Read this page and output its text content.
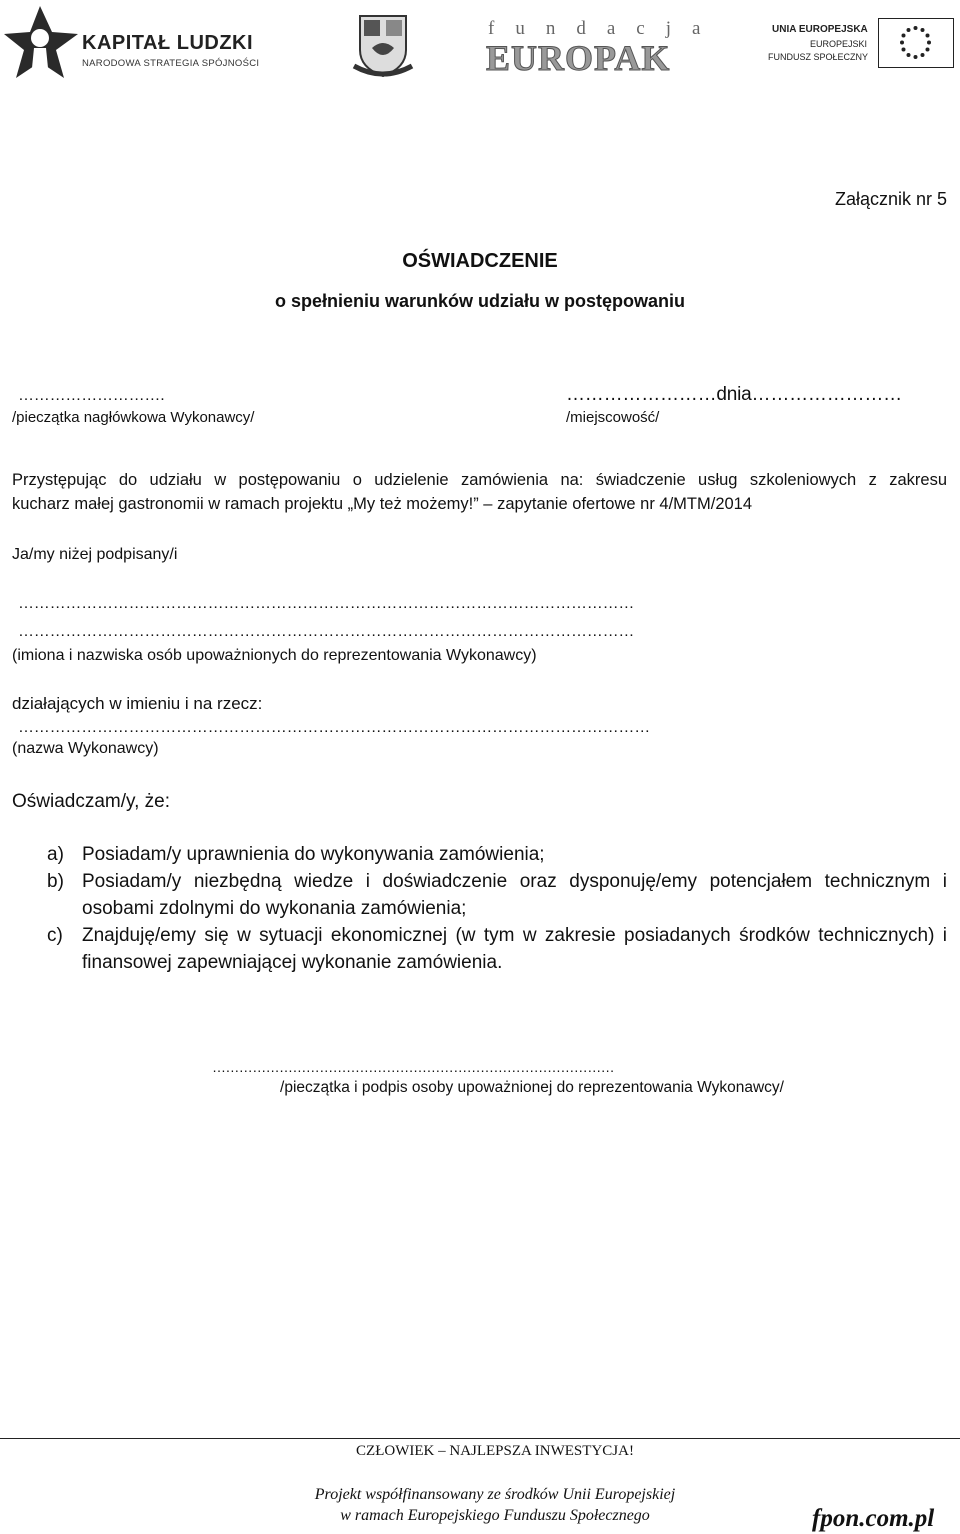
KAPITAŁ LUDZKI
NARODOWA STRATEGIA SPÓJNOŚCI
fundacja
EUROPAK
UNIA EUROPEJSKA
EUROPEJSKI
FUNDUSZ SPOŁECZNY
Załącznik nr 5
OŚWIADCZENIE
o spełnieniu warunków udziału w postępowaniu
……………………….
/pieczątka nagłówkowa Wykonawcy/
……………………dnia……………………
/miejscowość/
Przystępując do udziału w postępowaniu o udzielenie zamówienia na: świadczenie usług szkoleniowych z zakresu
kucharz małej gastronomii w ramach projektu „My też możemy!” – zapytanie ofertowe nr 4/MTM/2014
Ja/my niżej podpisany/i
………………………………………………………………………………………………………
………………………………………………………………………………………………………
(imiona i nazwiska osób upoważnionych do reprezentowania Wykonawcy)
działających w imieniu i na rzecz:
…………………………………………………………………………………………………………
(nazwa Wykonawcy)
Oświadczam/y, że:
a) Posiadam/y uprawnienia do wykonywania zamówienia;
b) Posiadam/y niezbędną wiedze i doświadczenie oraz dysponuję/emy potencjałem technicznym i osobami zdolnymi do wykonania zamówienia;
c) Znajduję/emy się w sytuacji ekonomicznej (w tym w zakresie posiadanych środków technicznych) i finansowej zapewniającej wykonanie zamówienia.
………………………………………………………………………………
/pieczątka i podpis osoby upoważnionej do reprezentowania Wykonawcy/
CZŁOWIEK – NAJLEPSZA INWESTYCJA!
Projekt współfinansowany ze środków Unii Europejskiej
w ramach Europejskiego Funduszu Społecznego	fpon.com.pl
